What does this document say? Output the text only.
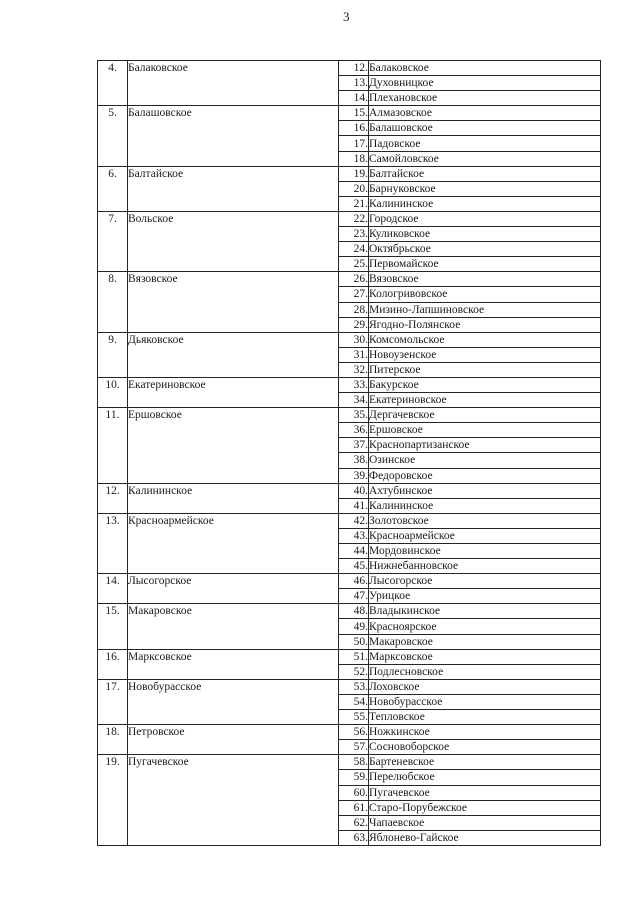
3
4.	Балаковское	12.	Балаковское
		13.	Духовницкое
		14.	Плехановское
5.	Балашовское	15.	Алмазовское
		16.	Балашовское
		17.	Падовское
		18.	Самойловское
6.	Балтайское	19.	Балтайское
		20.	Барнуковское
		21.	Калининское
7.	Вольское	22.	Городское
		23.	Куликовское
		24.	Октябрьское
		25.	Первомайское
8.	Вязовское	26.	Вязовское
		27.	Кологривовское
		28.	Мизино-Лапшиновское
		29.	Ягодно-Полянское
9.	Дьяковское	30.	Комсомольское
		31.	Новоузенское
		32.	Питерское
10.	Екатериновское	33.	Бакурское
		34.	Екатериновское
11.	Ершовское	35.	Дергачевское
		36.	Ершовское
		37.	Краснопартизанское
		38.	Озинское
		39.	Федоровское
12.	Калининское	40.	Ахтубинское
		41.	Калининское
13.	Красноармейское	42.	Золотовское
		43.	Красноармейское
		44.	Мордовинское
		45.	Нижнебанновское
14.	Лысогорское	46.	Лысогорское
		47.	Урицкое
15.	Макаровское	48.	Владыкинское
		49.	Красноярское
		50.	Макаровское
16.	Марксовское	51.	Марксовское
		52.	Подлесновское
17.	Новобурасское	53.	Лоховское
		54.	Новобурасское
		55.	Тепловское
18.	Петровское	56.	Ножкинское
		57.	Сосновоборское
19.	Пугачевское	58.	Бартеневское
		59.	Перелюбское
		60.	Пугачевское
		61.	Старо-Порубежское
		62.	Чапаевское
		63.	Яблонево-Гайское
